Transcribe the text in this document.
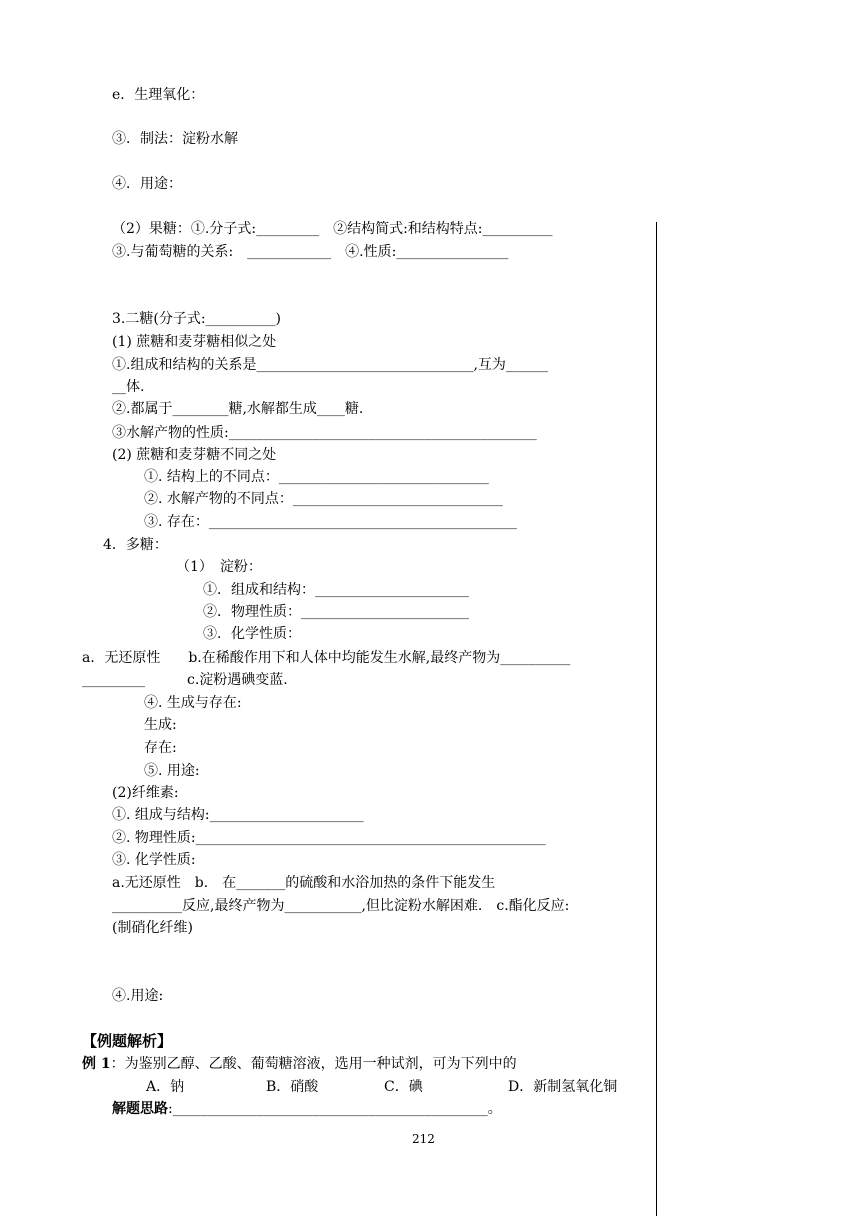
e．生理氧化：
③．制法：淀粉水解
④．用途：
（2）果糖：①.分子式:_________　②结构简式:和结构特点:__________
③.与葡萄糖的关系:　____________　④.性质:________________
3.二糖(分子式:__________)
(1) 蔗糖和麦芽糖相似之处
①.组成和结构的关系是_______________________________,互为______
__体.
②.都属于________糖,水解都生成____糖.
③水解产物的性质:____________________________________________
(2) 蔗糖和麦芽糖不同之处
①. 结构上的不同点：______________________________
②. 水解产物的不同点：______________________________
③. 存在：____________________________________________
4．多糖：
（1）　淀粉：
①．组成和结构：______________________
②．物理性质：________________________
③．化学性质：
a．无还原性　　b.在稀酸作用下和人体中均能发生水解,最终产物为__________
_________　　　c.淀粉遇碘变蓝.
④. 生成与存在:
生成:
存在:
⑤. 用途:
(2)纤维素:
①. 组成与结构:______________________
②. 物理性质:__________________________________________________
③. 化学性质:
a.无还原性　b.　在_______的硫酸和水浴加热的条件下能发生
__________反应,最终产物为___________,但比淀粉水解困难.　c.酯化反应:
(制硝化纤维)
④.用途:
【例题解析】
例 1：为鉴别乙醇、乙酸、葡萄糖溶液，选用一种试剂，可为下列中的
A．钠	B．硝酸	C．碘	D．新制氢氧化铜
解题思路:_____________________________________________。
212
